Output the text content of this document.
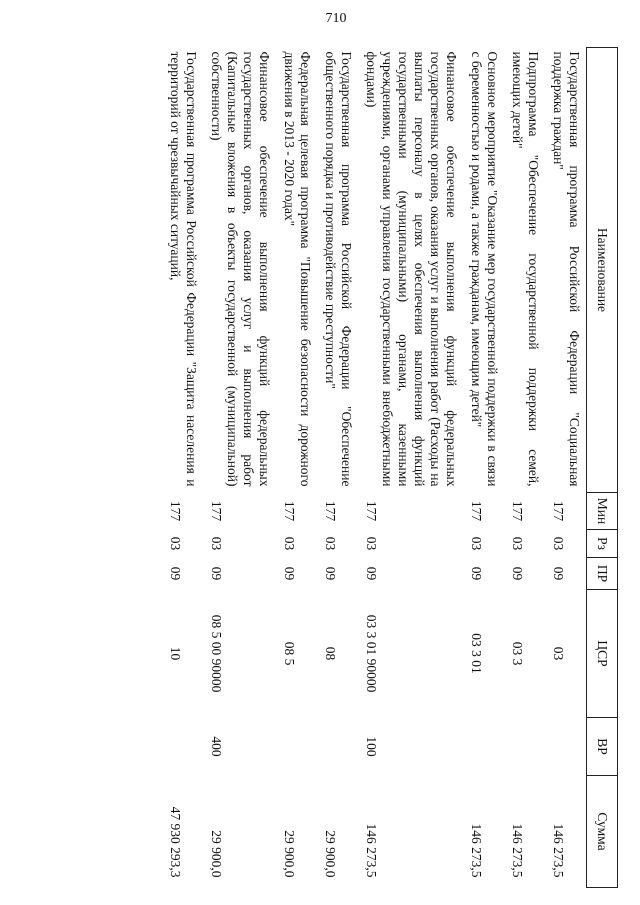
710
Наименование	Мин	Рз	ПР	ЦСР	ВР	Сумма
Государственная программа Российской Федерации "Социальная поддержка граждан"	177	03	09	03		146 273,5
Подпрограмма "Обеспечение государственной поддержки семей, имеющих детей"	177	03	09	03 3		146 273,5
Основное мероприятие "Оказание мер государственной поддержки в связи с беременностью и родами, а также гражданам, имеющим детей"	177	03	09	03 3 01		146 273,5
Финансовое обеспечение выполнения функций федеральных государственных органов, оказания услуг и выполнения работ (Расходы на выплаты персоналу в целях обеспечения выполнения функций государственными (муниципальными) органами, казенными учреждениями, органами управления государственными внебюджетными фондами)	177	03	09	03 3 01 90000	100	146 273,5
Государственная программа Российской Федерации "Обеспечение общественного порядка и противодействие преступности"	177	03	09	08		29 900,0
Федеральная целевая программа "Повышение безопасности дорожного движения в 2013 - 2020 годах"	177	03	09	08 5		29 900,0
Финансовое обеспечение выполнения функций федеральных государственных органов, оказания услуг и выполнения работ (Капитальные вложения в объекты государственной (муниципальной) собственности)	177	03	09	08 5 00 90000	400	29 900,0
Государственная программа Российской Федерации "Защита населения и территорий от чрезвычайных ситуаций,	177	03	09	10		47 930 293,3
